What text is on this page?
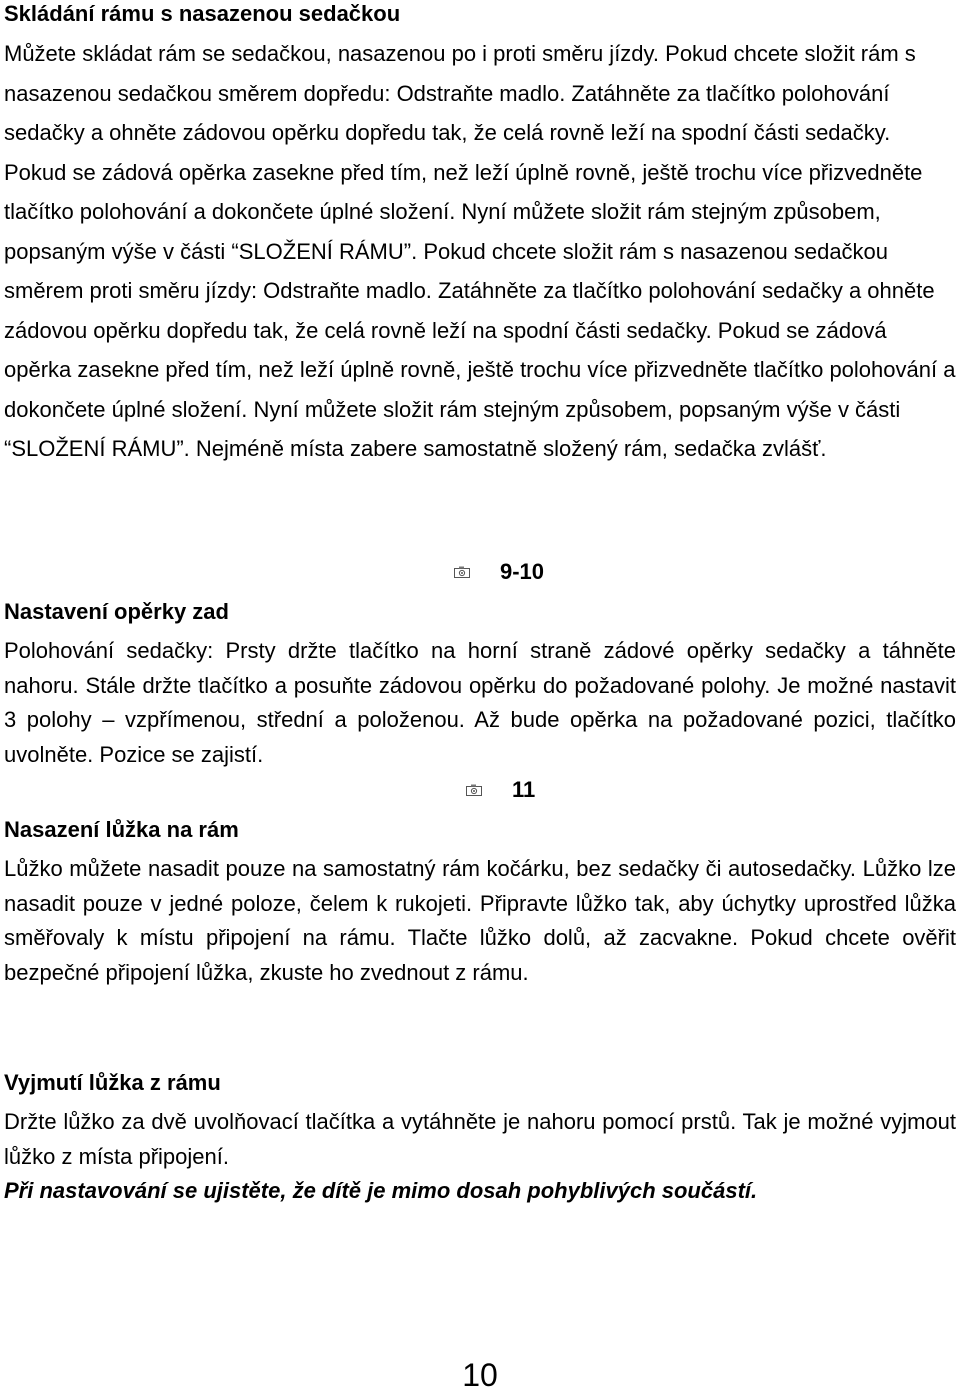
Skládání rámu s nasazenou sedačkou
Můžete skládat rám se sedačkou, nasazenou po i proti směru jízdy. Pokud chcete složit rám s nasazenou sedačkou směrem dopředu: Odstraňte madlo. Zatáhněte za tlačítko polohování sedačky a ohněte zádovou opěrku dopředu tak, že celá rovně leží na spodní části sedačky. Pokud se zádová opěrka zasekne před tím, než leží úplně rovně, ještě trochu více přizvedněte tlačítko polohování a dokončete úplné složení. Nyní můžete složit rám stejným způsobem, popsaným výše v části “SLOŽENÍ RÁMU”. Pokud chcete složit rám s nasazenou sedačkou směrem proti směru jízdy: Odstraňte madlo. Zatáhněte za tlačítko polohování sedačky a ohněte zádovou opěrku dopředu tak, že celá rovně leží na spodní části sedačky. Pokud se zádová opěrka zasekne před tím, než leží úplně rovně, ještě trochu více přizvedněte tlačítko polohování a dokončete úplné složení. Nyní můžete složit rám stejným způsobem, popsaným výše v části “SLOŽENÍ RÁMU”. Nejméně místa zabere samostatně složený rám, sedačka zvlášť.
9-10
Nastavení opěrky zad
Polohování sedačky: Prsty držte tlačítko na horní straně zádové opěrky sedačky a táhněte nahoru. Stále držte tlačítko a posuňte zádovou opěrku do požadované polohy. Je možné nastavit 3 polohy – vzpřímenou, střední a položenou. Až bude opěrka na požadované pozici, tlačítko uvolněte. Pozice se zajistí.
11
Nasazení lůžka na rám
Lůžko můžete nasadit pouze na samostatný rám kočárku, bez sedačky či autosedačky. Lůžko lze nasadit pouze v jedné poloze, čelem k rukojeti. Připravte lůžko tak, aby úchytky uprostřed lůžka směřovaly k místu připojení na rámu. Tlačte lůžko dolů, až zacvakne. Pokud chcete ověřit bezpečné připojení lůžka, zkuste ho zvednout z rámu.
Vyjmutí lůžka z rámu
Držte lůžko za dvě uvolňovací tlačítka a vytáhněte je nahoru pomocí prstů. Tak je možné vyjmout lůžko z místa připojení.
Při nastavování se ujistěte, že dítě je mimo dosah pohyblivých součástí.
10
